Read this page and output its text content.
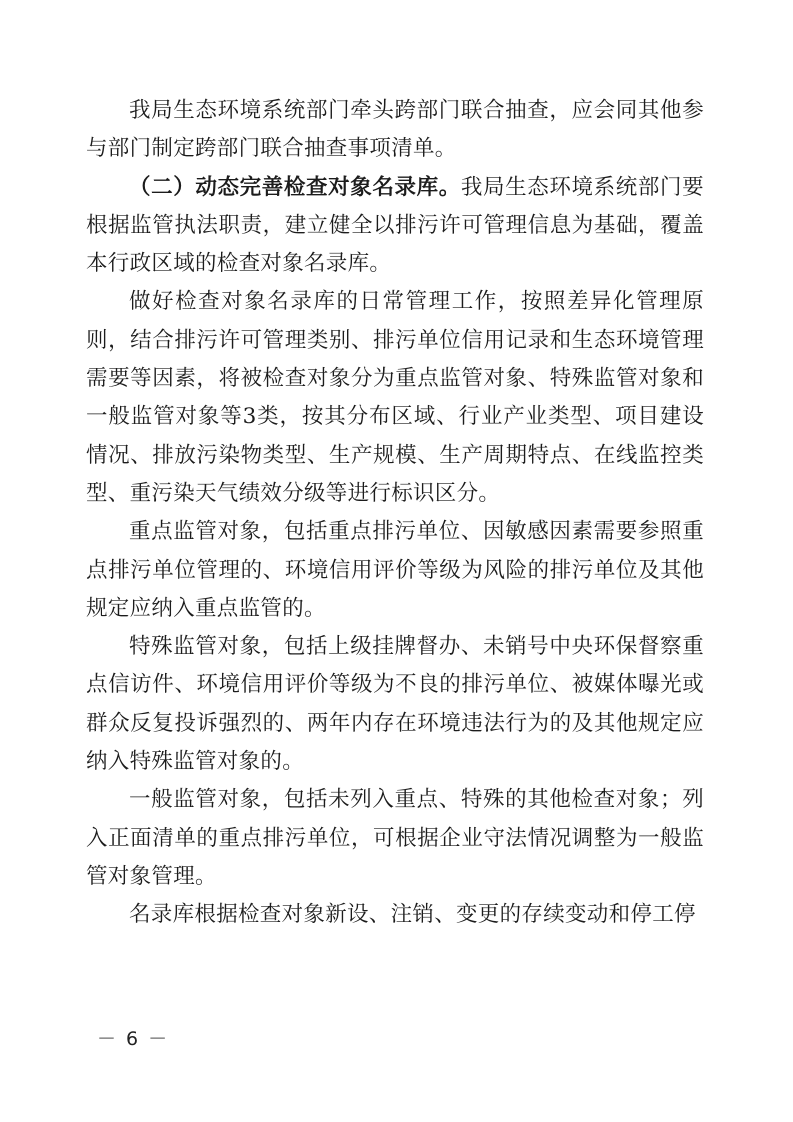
我局生态环境系统部门牵头跨部门联合抽查，应会同其他参与部门制定跨部门联合抽查事项清单。

（二）动态完善检查对象名录库。我局生态环境系统部门要根据监管执法职责，建立健全以排污许可管理信息为基础，覆盖本行政区域的检查对象名录库。

做好检查对象名录库的日常管理工作，按照差异化管理原则，结合排污许可管理类别、排污单位信用记录和生态环境管理需要等因素，将被检查对象分为重点监管对象、特殊监管对象和一般监管对象等3类，按其分布区域、行业产业类型、项目建设情况、排放污染物类型、生产规模、生产周期特点、在线监控类型、重污染天气绩效分级等进行标识区分。

重点监管对象，包括重点排污单位、因敏感因素需要参照重点排污单位管理的、环境信用评价等级为风险的排污单位及其他规定应纳入重点监管的。

特殊监管对象，包括上级挂牌督办、未销号中央环保督察重点信访件、环境信用评价等级为不良的排污单位、被媒体曝光或群众反复投诉强烈的、两年内存在环境违法行为的及其他规定应纳入特殊监管对象的。

一般监管对象，包括未列入重点、特殊的其他检查对象；列入正面清单的重点排污单位，可根据企业守法情况调整为一般监管对象管理。

名录库根据检查对象新设、注销、变更的存续变动和停工停

－ 6 －
